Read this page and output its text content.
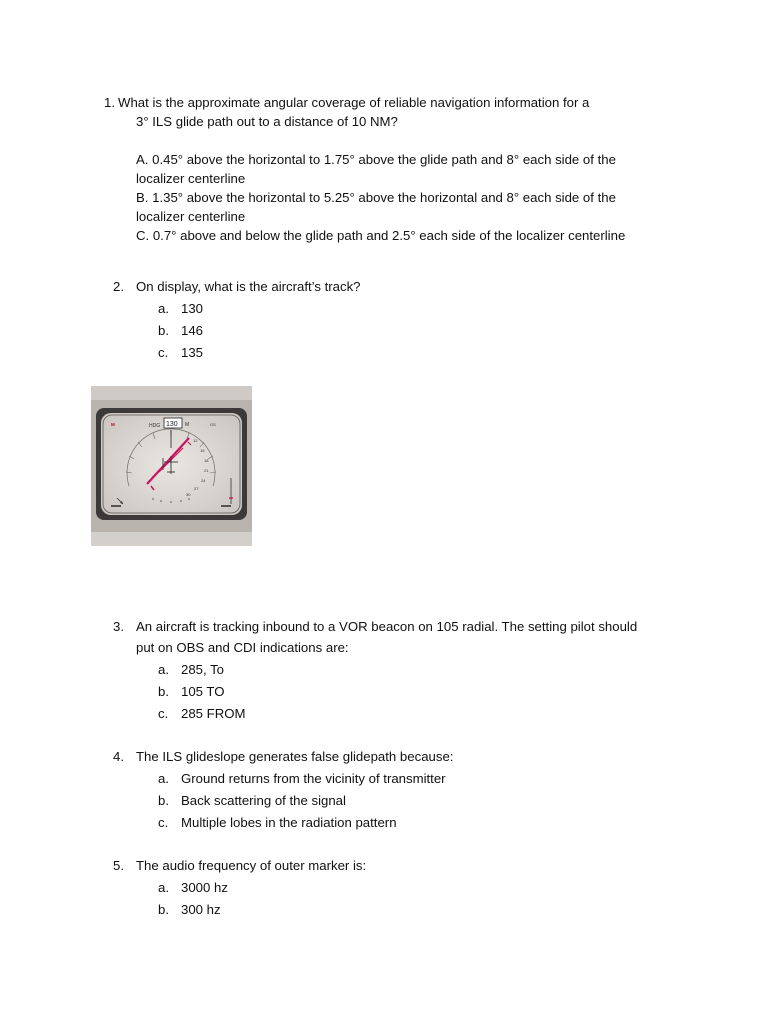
1. What is the approximate angular coverage of reliable navigation information for a
3° ILS glide path out to a distance of 10 NM?
A. 0.45° above the horizontal to 1.75° above the glide path and 8° each side of the
localizer centerline
B. 1.35° above the horizontal to 5.25° above the horizontal and 8° each side of the
localizer centerline
C. 0.7° above and below the glide path and 2.5° each side of the localizer centerline
2. On display, what is the aircraft’s track?
a. 130
b. 146
c. 135
M	GS
HDG 130 M
12
15
18
21
24
27
30
3. An aircraft is tracking inbound to a VOR beacon on 105 radial. The setting pilot should
put on OBS and CDI indications are:
a. 285, To
b. 105 TO
c. 285 FROM
4. The ILS glideslope generates false glidepath because:
a. Ground returns from the vicinity of transmitter
b. Back scattering of the signal
c. Multiple lobes in the radiation pattern
5. The audio frequency of outer marker is:
a. 3000 hz
b. 300 hz
